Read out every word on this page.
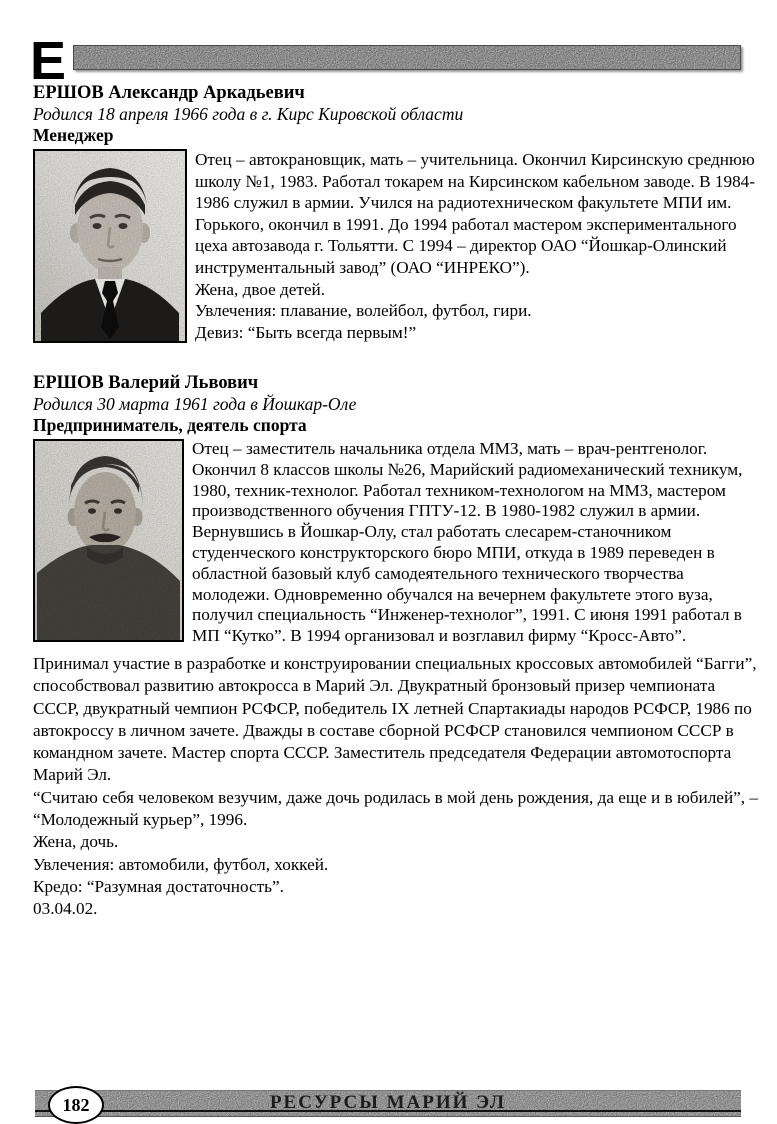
Е
ЕРШОВ Александр Аркадьевич
Родился 18 апреля 1966 года в г. Кирс Кировской области
Менеджер

Отец – автокрановщик, мать – учительница. Окончил Кирсинскую среднюю школу №1, 1983. Работал токарем на Кирсинском кабельном заводе. В 1984-1986 служил в армии. Учился на радиотехническом факультете МПИ им. Горького, окончил в 1991. До 1994 работал мастером экспериментального цеха автозавода г. Тольятти. С 1994 – директор ОАО “Йошкар-Олинский инструментальный завод” (ОАО “ИНРЕКО”).

Жена, двое детей.

Увлечения: плавание, волейбол, футбол, гири.

Девиз: “Быть всегда первым!”

ЕРШОВ Валерий Львович
Родился 30 марта 1961 года в Йошкар-Оле
Предприниматель, деятель спорта

Отец – заместитель начальника отдела ММЗ, мать – врач-рентгенолог. Окончил 8 классов школы №26, Марийский радиомеханический техникум, 1980, техник-технолог. Работал техником-технологом на ММЗ, мастером производственного обучения ГПТУ-12. В 1980-1982 служил в армии. Вернувшись в Йошкар-Олу, стал работать слесарем-станочником студенческого конструкторского бюро МПИ, откуда в 1989 переведен в областной базовый клуб самодеятельного технического творчества молодежи. Одновременно обучался на вечернем факультете этого вуза, получил специальность “Инженер-технолог”, 1991. С июня 1991 работал в МП “Кутко”. В 1994 организовал и возглавил фирму “Кросс-Авто”.

Принимал участие в разработке и конструировании специальных кроссовых автомобилей “Багги”, способствовал развитию автокросса в Марий Эл. Двукратный бронзовый призер чемпионата СССР, двукратный чемпион РСФСР, победитель IX летней Спартакиады народов РСФСР, 1986 по автокроссу в личном зачете. Дважды в составе сборной РСФСР становился чемпионом СССР в командном зачете. Мастер спорта СССР. Заместитель председателя Федерации автомотоспорта Марий Эл.

“Считаю себя человеком везучим, даже дочь родилась в мой день рождения, да еще и в юбилей”, – “Молодежный курьер”, 1996.

Жена, дочь.

Увлечения: автомобили, футбол, хоккей.

Кредо: “Разумная достаточность”.

03.04.02.

РЕСУРСЫ МАРИЙ ЭЛ
182
